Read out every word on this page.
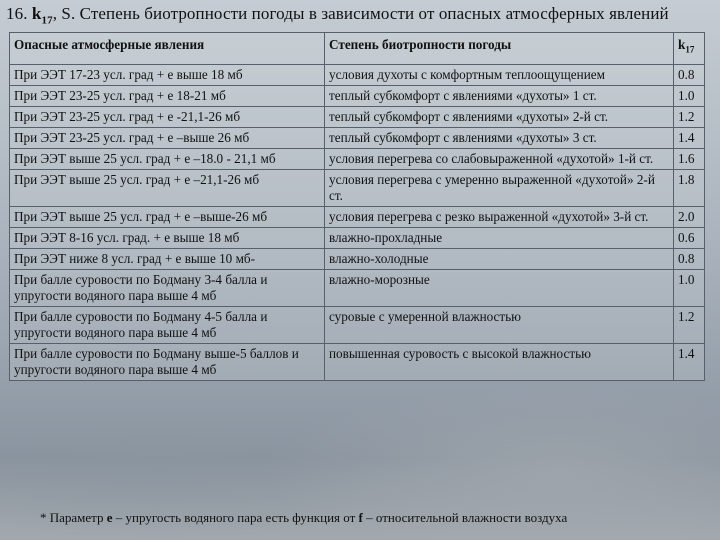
16. $k_{17}$, S. Степень биотропности погоды в зависимости от опасных атмосферных явлений
Опасные атмосферные явления	Степень биотропности погоды	$k_{17}$
При ЭЭТ 17-23 усл. град + е выше 18 мб	условия духоты с комфортным теплоощущением	0.8
При ЭЭТ 23-25 усл. град + е 18-21 мб	теплый субкомфорт с явлениями «духоты» 1 ст.	1.0
При ЭЭТ 23-25 усл. град + е -21,1-26 мб	теплый субкомфорт с явлениями «духоты» 2-й ст.	1.2
При ЭЭТ 23-25 усл. град + е –выше 26 мб	теплый субкомфорт с явлениями «духоты» 3 ст.	1.4
При ЭЭТ выше 25 усл. град + е –18.0 - 21,1 мб	условия перегрева со слабовыраженной «духотой» 1-й ст.	1.6
При ЭЭТ выше 25 усл. град + е –21,1-26 мб	условия перегрева с умеренно выраженной «духотой» 2-й ст.	1.8
При ЭЭТ выше 25 усл. град + е –выше-26 мб	условия перегрева с резко выраженной «духотой» 3-й ст.	2.0
При ЭЭТ 8-16 усл. град. + е выше 18 мб	влажно-прохладные	0.6
При ЭЭТ ниже 8 усл. град + е выше 10 мб-	влажно-холодные	0.8
При балле суровости по Бодману 3-4 балла и упругости водяного пара выше 4 мб	влажно-морозные	1.0
При балле суровости по Бодману 4-5 балла и упругости водяного пара выше 4 мб	суровые с умеренной влажностью	1.2
При балле суровости по Бодману выше-5 баллов и упругости водяного пара выше 4 мб	повышенная суровость с высокой влажностью	1.4
* Параметр е – упругость водяного пара есть функция от f – относительной влажности воздуха
